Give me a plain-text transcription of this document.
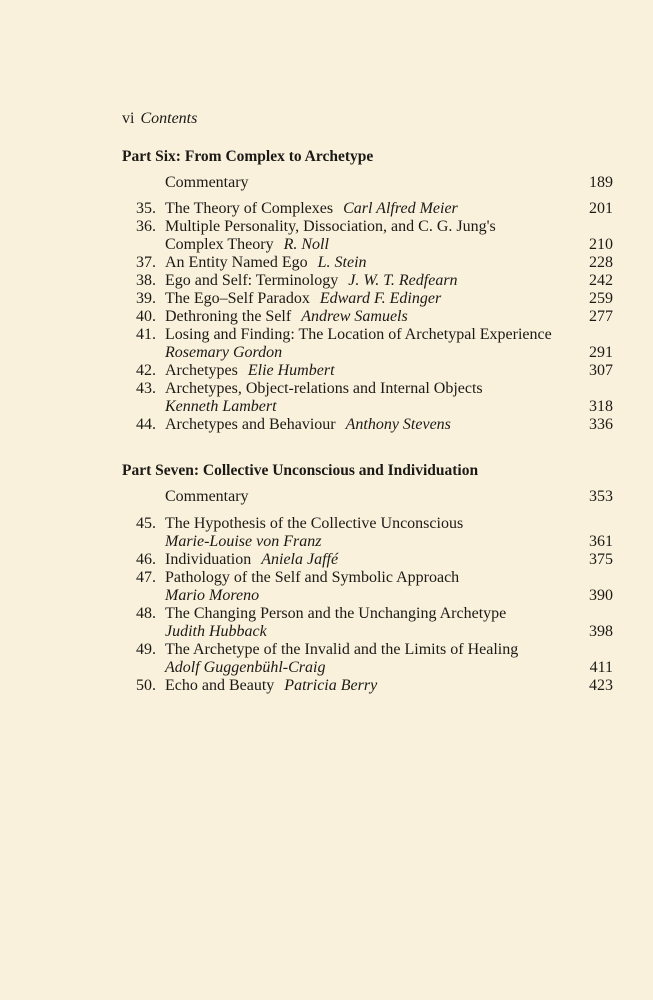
vi Contents
Part Six: From Complex to Archetype
Commentary	189
35. The Theory of Complexes Carl Alfred Meier	201
36. Multiple Personality, Dissociation, and C. G. Jung's
Complex Theory R. Noll	210
37. An Entity Named Ego L. Stein	228
38. Ego and Self: Terminology J. W. T. Redfearn	242
39. The Ego–Self Paradox Edward F. Edinger	259
40. Dethroning the Self Andrew Samuels	277
41. Losing and Finding: The Location of Archetypal Experience
Rosemary Gordon	291
42. Archetypes Elie Humbert	307
43. Archetypes, Object-relations and Internal Objects
Kenneth Lambert	318
44. Archetypes and Behaviour Anthony Stevens	336
Part Seven: Collective Unconscious and Individuation
Commentary	353
45. The Hypothesis of the Collective Unconscious
Marie-Louise von Franz	361
46. Individuation Aniela Jaffé	375
47. Pathology of the Self and Symbolic Approach
Mario Moreno	390
48. The Changing Person and the Unchanging Archetype
Judith Hubback	398
49. The Archetype of the Invalid and the Limits of Healing
Adolf Guggenbühl-Craig	411
50. Echo and Beauty Patricia Berry	423
